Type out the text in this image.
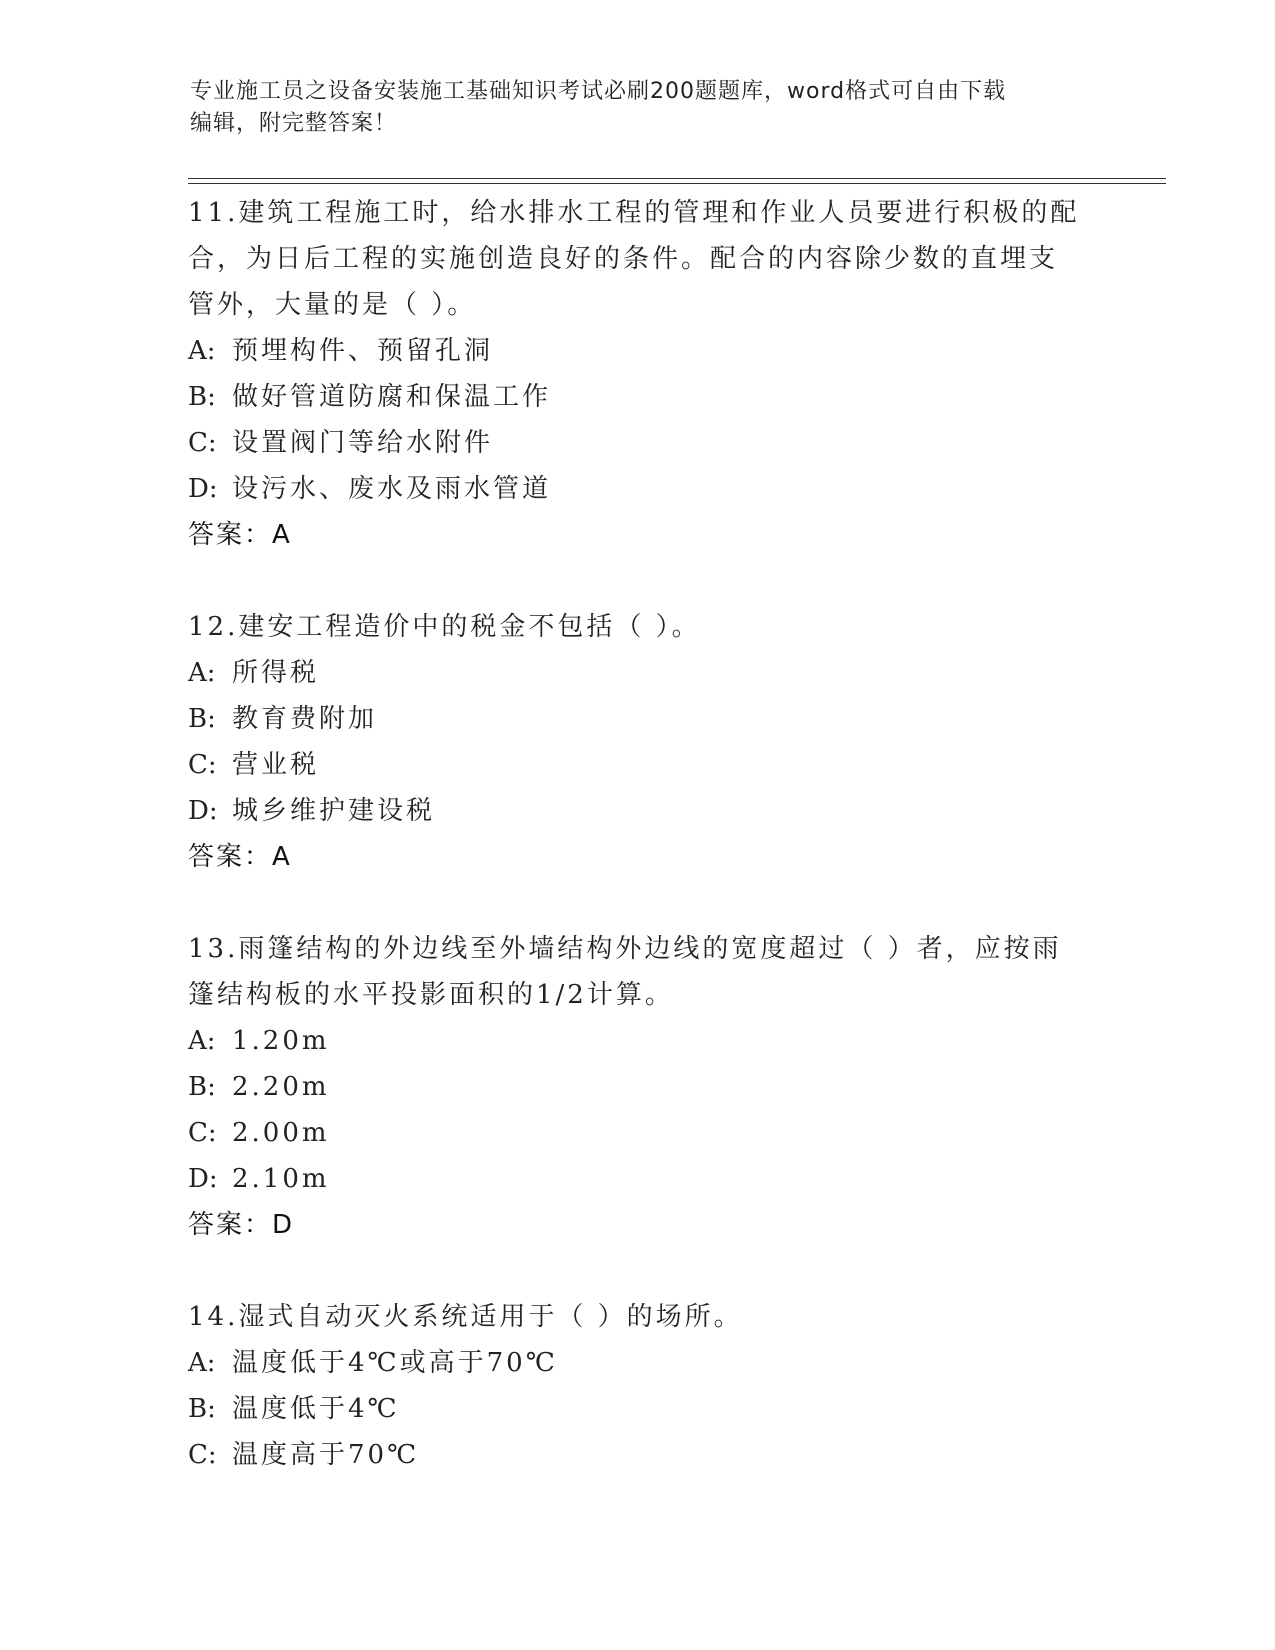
专业施工员之设备安装施工基础知识考试必刷200题题库，word格式可自由下载
编辑，附完整答案！
11.建筑工程施工时，给水排水工程的管理和作业人员要进行积极的配
合，为日后工程的实施创造良好的条件。配合的内容除少数的直埋支
管外，大量的是（ ）。
A: 预埋构件、预留孔洞
B: 做好管道防腐和保温工作
C: 设置阀门等给水附件
D: 设污水、废水及雨水管道
答案：A
12.建安工程造价中的税金不包括（ ）。
A: 所得税
B: 教育费附加
C: 营业税
D: 城乡维护建设税
答案：A
13.雨篷结构的外边线至外墙结构外边线的宽度超过（ ）者，应按雨
篷结构板的水平投影面积的1/2计算。
A: 1.20m
B: 2.20m
C: 2.00m
D: 2.10m
答案：D
14.湿式自动灭火系统适用于（ ）的场所。
A: 温度低于4℃或高于70℃
B: 温度低于4℃
C: 温度高于70℃
